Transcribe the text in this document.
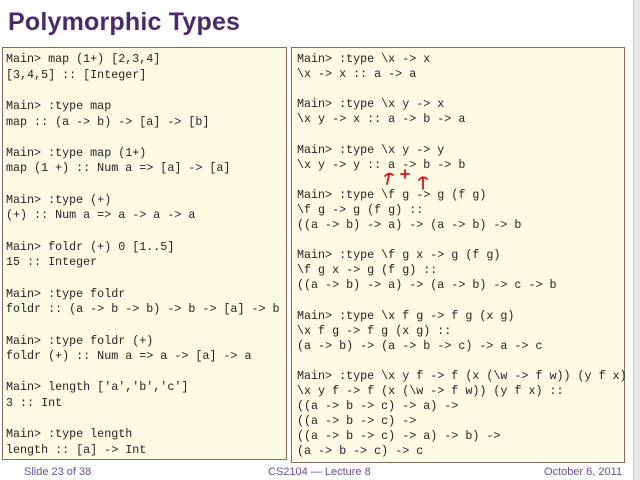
Polymorphic Types
Main> map (1+) [2,3,4]
[3,4,5] :: [Integer]
Main> :type map
map :: (a -> b) -> [a] -> [b]
Main> :type map (1+)
map (1 +) :: Num a => [a] -> [a]
Main> :type (+)
(+) :: Num a => a -> a -> a
Main> foldr (+) 0 [1..5]
15 :: Integer
Main> :type foldr
foldr :: (a -> b -> b) -> b -> [a] -> b
Main> :type foldr (+)
foldr (+) :: Num a => a -> [a] -> a
Main> length ['a','b','c']
3 :: Int
Main> :type length
length :: [a] -> Int
Main> :type \x -> x
\x -> x :: a -> a
Main> :type \x y -> x
\x y -> x :: a -> b -> a
Main> :type \x y -> y
\x y -> y :: a -> b -> b
Main> :type \f g -> g (f g)
\f g -> g (f g) ::
((a -> b) -> a) -> (a -> b) -> b
Main> :type \f g x -> g (f g)
\f g x -> g (f g) ::
((a -> b) -> a) -> (a -> b) -> c -> b
Main> :type \x f g -> f g (x g)
\x f g -> f g (x g) ::
(a -> b) -> (a -> b -> c) -> a -> c
Main> :type \x y f -> f (x (\w -> f w)) (y f x)
\x y f -> f (x (\w -> f w)) (y f x) ::
((a -> b -> c) -> a) ->
((a -> b -> c) ->
((a -> b -> c) -> a) -> b) ->
(a -> b -> c) -> c
Slide 23 of 38	CS2104 — Lecture 8	October 6, 2011
